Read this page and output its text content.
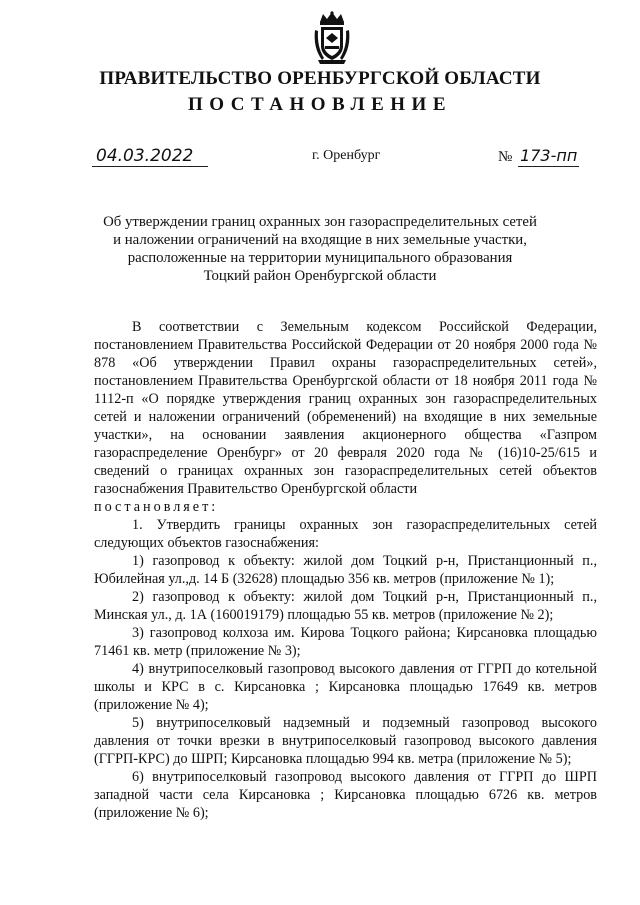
ПРАВИТЕЛЬСТВО ОРЕНБУРГСКОЙ ОБЛАСТИ
ПОСТАНОВЛЕНИЕ
04.03.2022	г. Оренбург	№ 173-пп
Об утверждении границ охранных зон газораспределительных сетей
и наложении ограничений на входящие в них земельные участки,
расположенные на территории муниципального образования
Тоцкий район Оренбургской области

В соответствии с Земельным кодексом Российской Федерации, постановлением Правительства Российской Федерации от 20 ноября 2000 года № 878 «Об утверждении Правил охраны газораспределительных сетей», постановлением Правительства Оренбургской области от 18 ноября 2011 года № 1112-п «О порядке утверждения границ охранных зон газораспределительных сетей и наложении ограничений (обременений) на входящие в них земельные участки», на основании заявления акционерного общества «Газпром газораспределение Оренбург» от 20 февраля 2020 года № (16)10-25/615 и сведений о границах охранных зон газораспределительных сетей объектов газоснабжения Правительство Оренбургской области

постановляет:

1. Утвердить границы охранных зон газораспределительных сетей следующих объектов газоснабжения:

1) газопровод к объекту: жилой дом Тоцкий р-н, Пристанционный п., Юбилейная ул.,д. 14 Б (32628) площадью 356 кв. метров (приложение № 1);

2) газопровод к объекту: жилой дом Тоцкий р-н, Пристанционный п., Минская ул., д. 1А (160019179) площадью 55 кв. метров (приложение № 2);

3) газопровод колхоза им. Кирова Тоцкого района; Кирсановка площадью 71461 кв. метр (приложение № 3);

4) внутрипоселковый газопровод высокого давления от ГГРП до котельной школы и КРС в с. Кирсановка ; Кирсановка площадью 17649 кв. метров (приложение № 4);

5) внутрипоселковый надземный и подземный газопровод высокого давления от точки врезки в внутрипоселковый газопровод высокого давления (ГГРП-КРС) до ШРП; Кирсановка площадью 994 кв. метра (приложение № 5);

6) внутрипоселковый газопровод высокого давления от ГГРП до ШРП западной части села Кирсановка ; Кирсановка площадью 6726 кв. метров (приложение № 6);
